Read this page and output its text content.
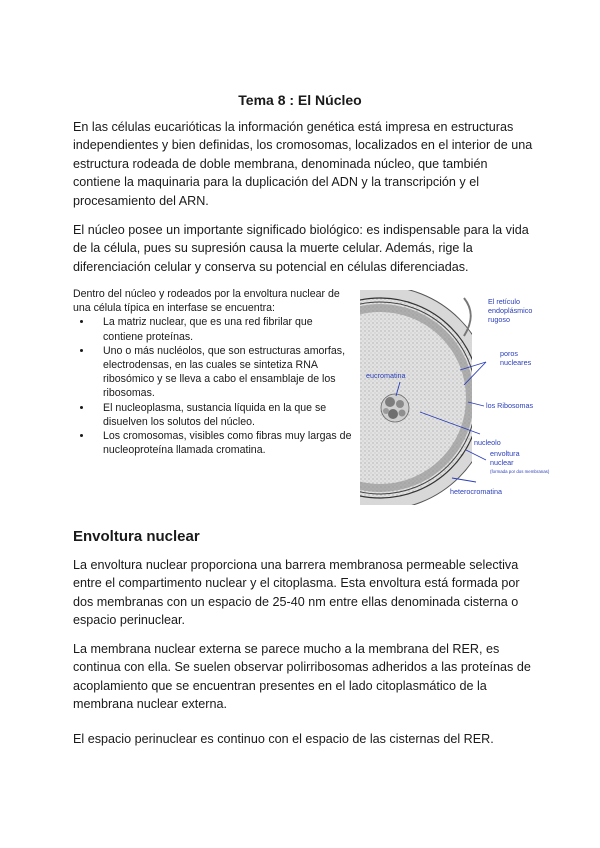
Tema 8 : El Núcleo
En las células eucarióticas la información genética está impresa en estructuras independientes y bien definidas, los cromosomas, localizados en el interior de una estructura rodeada de doble membrana, denominada núcleo, que también contiene la maquinaria para la duplicación del ADN y la transcripción y el procesamiento del ARN.
El núcleo posee un importante significado biológico: es indispensable para la vida de la célula, pues su supresión causa la muerte celular. Además, rige la diferenciación celular y conserva su potencial en células diferenciadas.
Dentro del núcleo y rodeados por la envoltura nuclear de una célula típica en interfase se encuentra:
• La matriz nuclear, que es una red fibrilar que contiene proteínas.
• Uno o más nucléolos, que son estructuras amorfas, electrodensas, en las cuales se sintetiza RNA ribosómico y se lleva a cabo el ensamblaje de los ribosomas.
• El nucleoplasma, sustancia líquida en la que se disuelven los solutos del núcleo.
• Los cromosomas, visibles como fibras muy largas de nucleoproteína llamada cromatina.
El retículo
endoplásmico
rugoso
poros
nucleares
eucromatina
los Ribosomas
nucleolo
envoltura
nuclear
(formada por dos membranas)
heterocromatina
Envoltura nuclear
La envoltura nuclear proporciona una barrera membranosa permeable selectiva entre el compartimento nuclear y el citoplasma. Esta envoltura está formada por dos membranas con un espacio de 25-40 nm entre ellas denominada cisterna o espacio perinuclear.
La membrana nuclear externa se parece mucho a la membrana del RER, es continua con ella. Se suelen observar polirribosomas adheridos a las proteínas de acoplamiento que se encuentran presentes en el lado citoplasmático de la membrana nuclear externa.
El espacio perinuclear es continuo con el espacio de las cisternas del RER.
